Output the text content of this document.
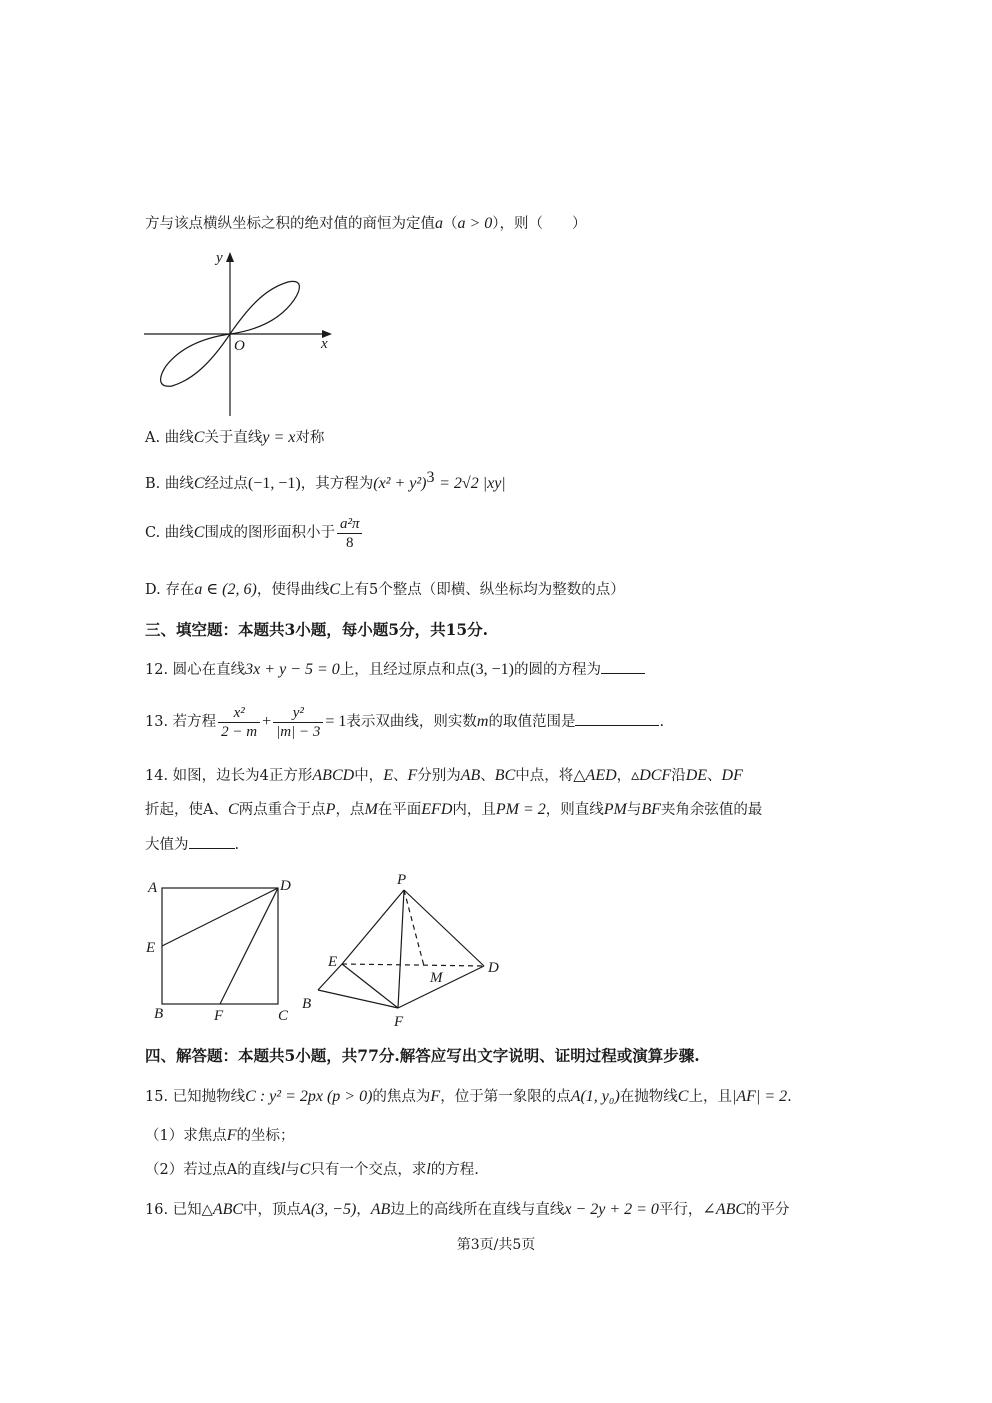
方与该点横纵坐标之积的绝对值的商恒为定值a（a > 0），则（　　）
y
x
O
A. 曲线C关于直线y = x对称
B. 曲线C经过点(−1, −1)，其方程为$(x^2 + y^2)^3 = 2√2$ |xy|
C. 曲线C围成的图形面积小于 $\frac{\text{a²π}}{8}$
D. 存在a ∈ (2, 6)，使得曲线C上有5个整点（即横、纵坐标均为整数的点）
三、填空题：本题共3小题，每小题5分，共15分.
12. 圆心在直线3x + y − 5 = 0上，且经过原点和点(3, −1)的圆的方程为
13. 若方程 $\frac{\text{x²}}{2 - m} + \frac{\text{y²}}{|m| - 3} = 1$表示双曲线，则实数m的取值范围是	.
14. 如图，边长为4正方形ABCD中，E、F分别为AB、BC中点，将△AED，▵DCF沿DE、DF
折起，使A、C两点重合于点P，点M在平面EFD内，且PM = 2，则直线PM与BF夹角余弦值的最
大值为	.
A	D
E
B	F	C
P
E
M
D
B
F
四、解答题：本题共5小题，共77分.解答应写出文字说明、证明过程或演算步骤.
15. 已知抛物线C : y² = 2px (p > 0)的焦点为F，位于第一象限的点A(1, y₀)在抛物线C上，且|AF| = 2.
（1）求焦点F的坐标；
（2）若过点A的直线l与C只有一个交点，求l的方程.
16. 已知△ABC中，顶点A(3, −5)，AB边上的高线所在直线与直线x − 2y + 2 = 0平行，∠ABC的平分
第3页/共5页
